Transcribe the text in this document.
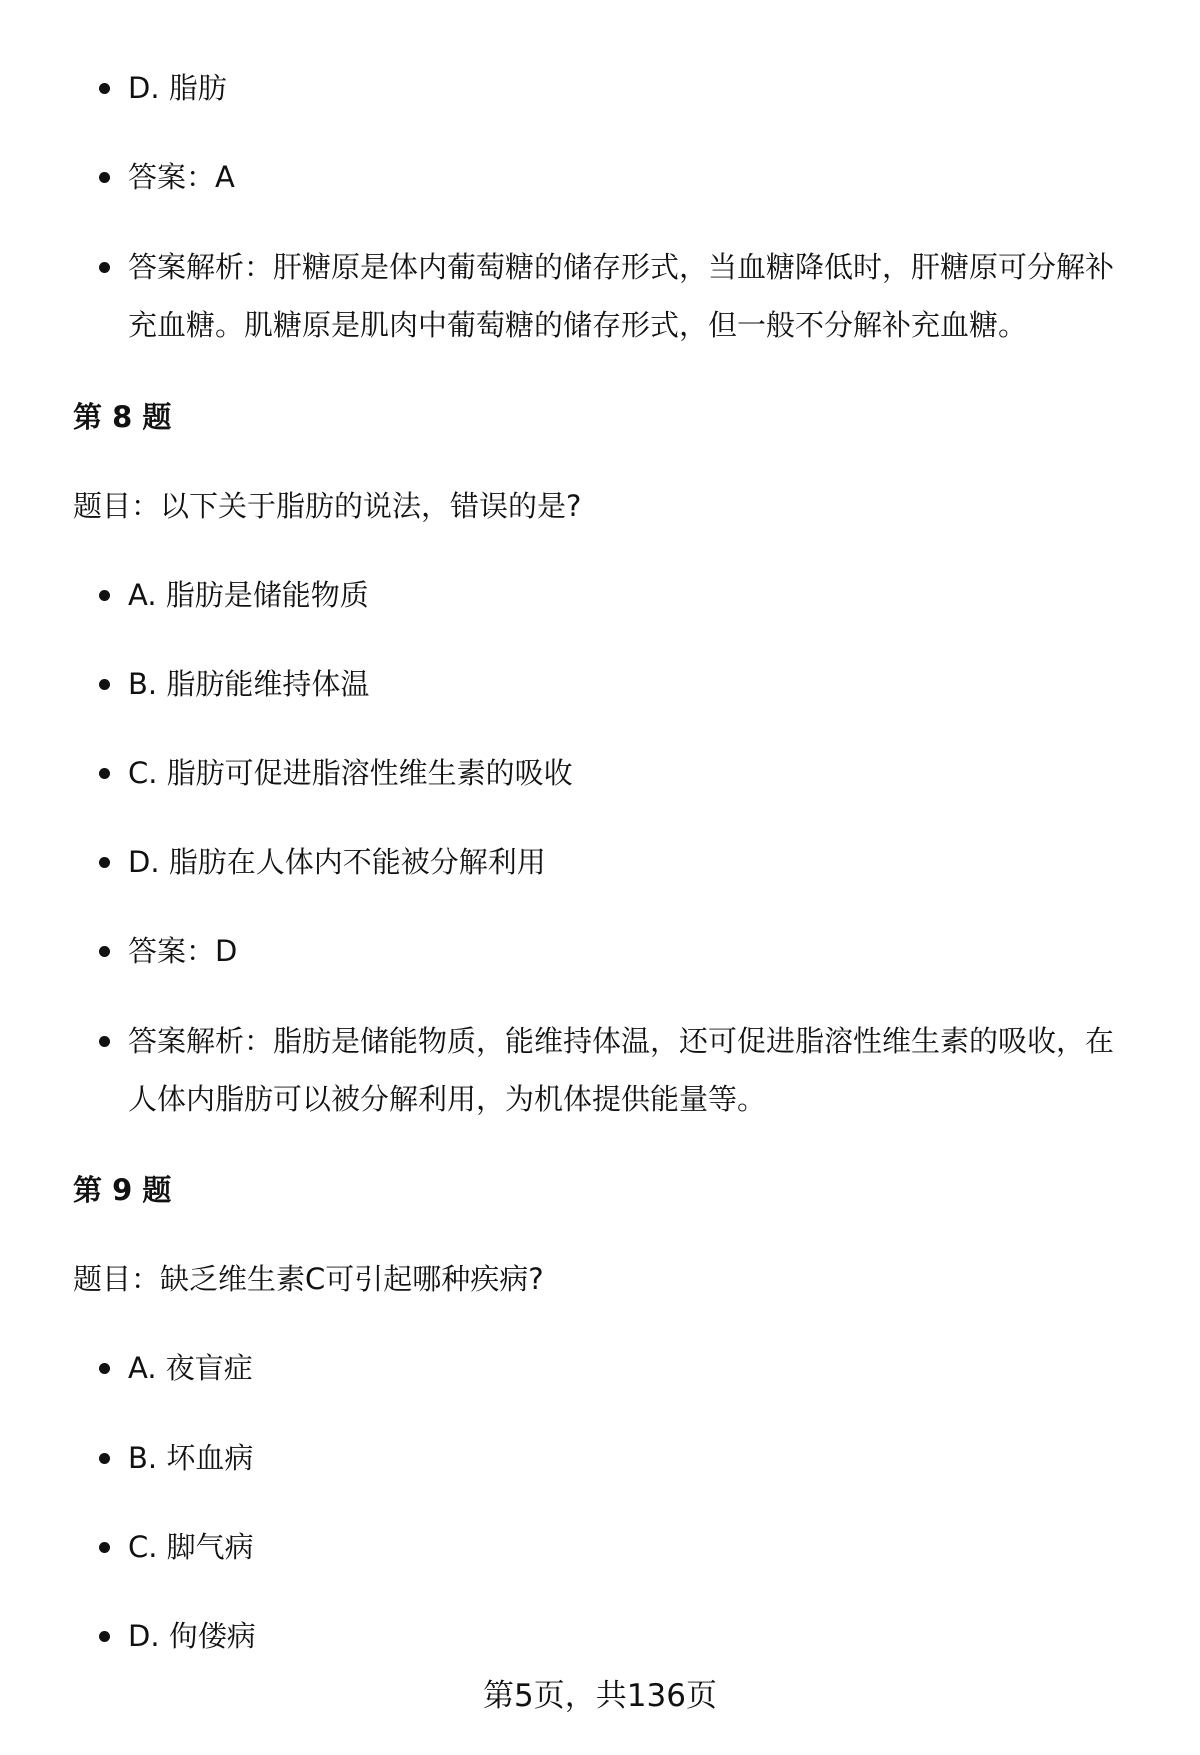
D. 脂肪
答案：A
答案解析：肝糖原是体内葡萄糖的储存形式，当血糖降低时，肝糖原可分解补
充血糖。肌糖原是肌肉中葡萄糖的储存形式，但一般不分解补充血糖。
第 8 题
题目：以下关于脂肪的说法，错误的是?
A. 脂肪是储能物质
B. 脂肪能维持体温
C. 脂肪可促进脂溶性维生素的吸收
D. 脂肪在人体内不能被分解利用
答案：D
答案解析：脂肪是储能物质，能维持体温，还可促进脂溶性维生素的吸收，在
人体内脂肪可以被分解利用，为机体提供能量等。
第 9 题
题目：缺乏维生素C可引起哪种疾病?
A. 夜盲症
B. 坏血病
C. 脚气病
D. 佝偻病
第5页，共136页
